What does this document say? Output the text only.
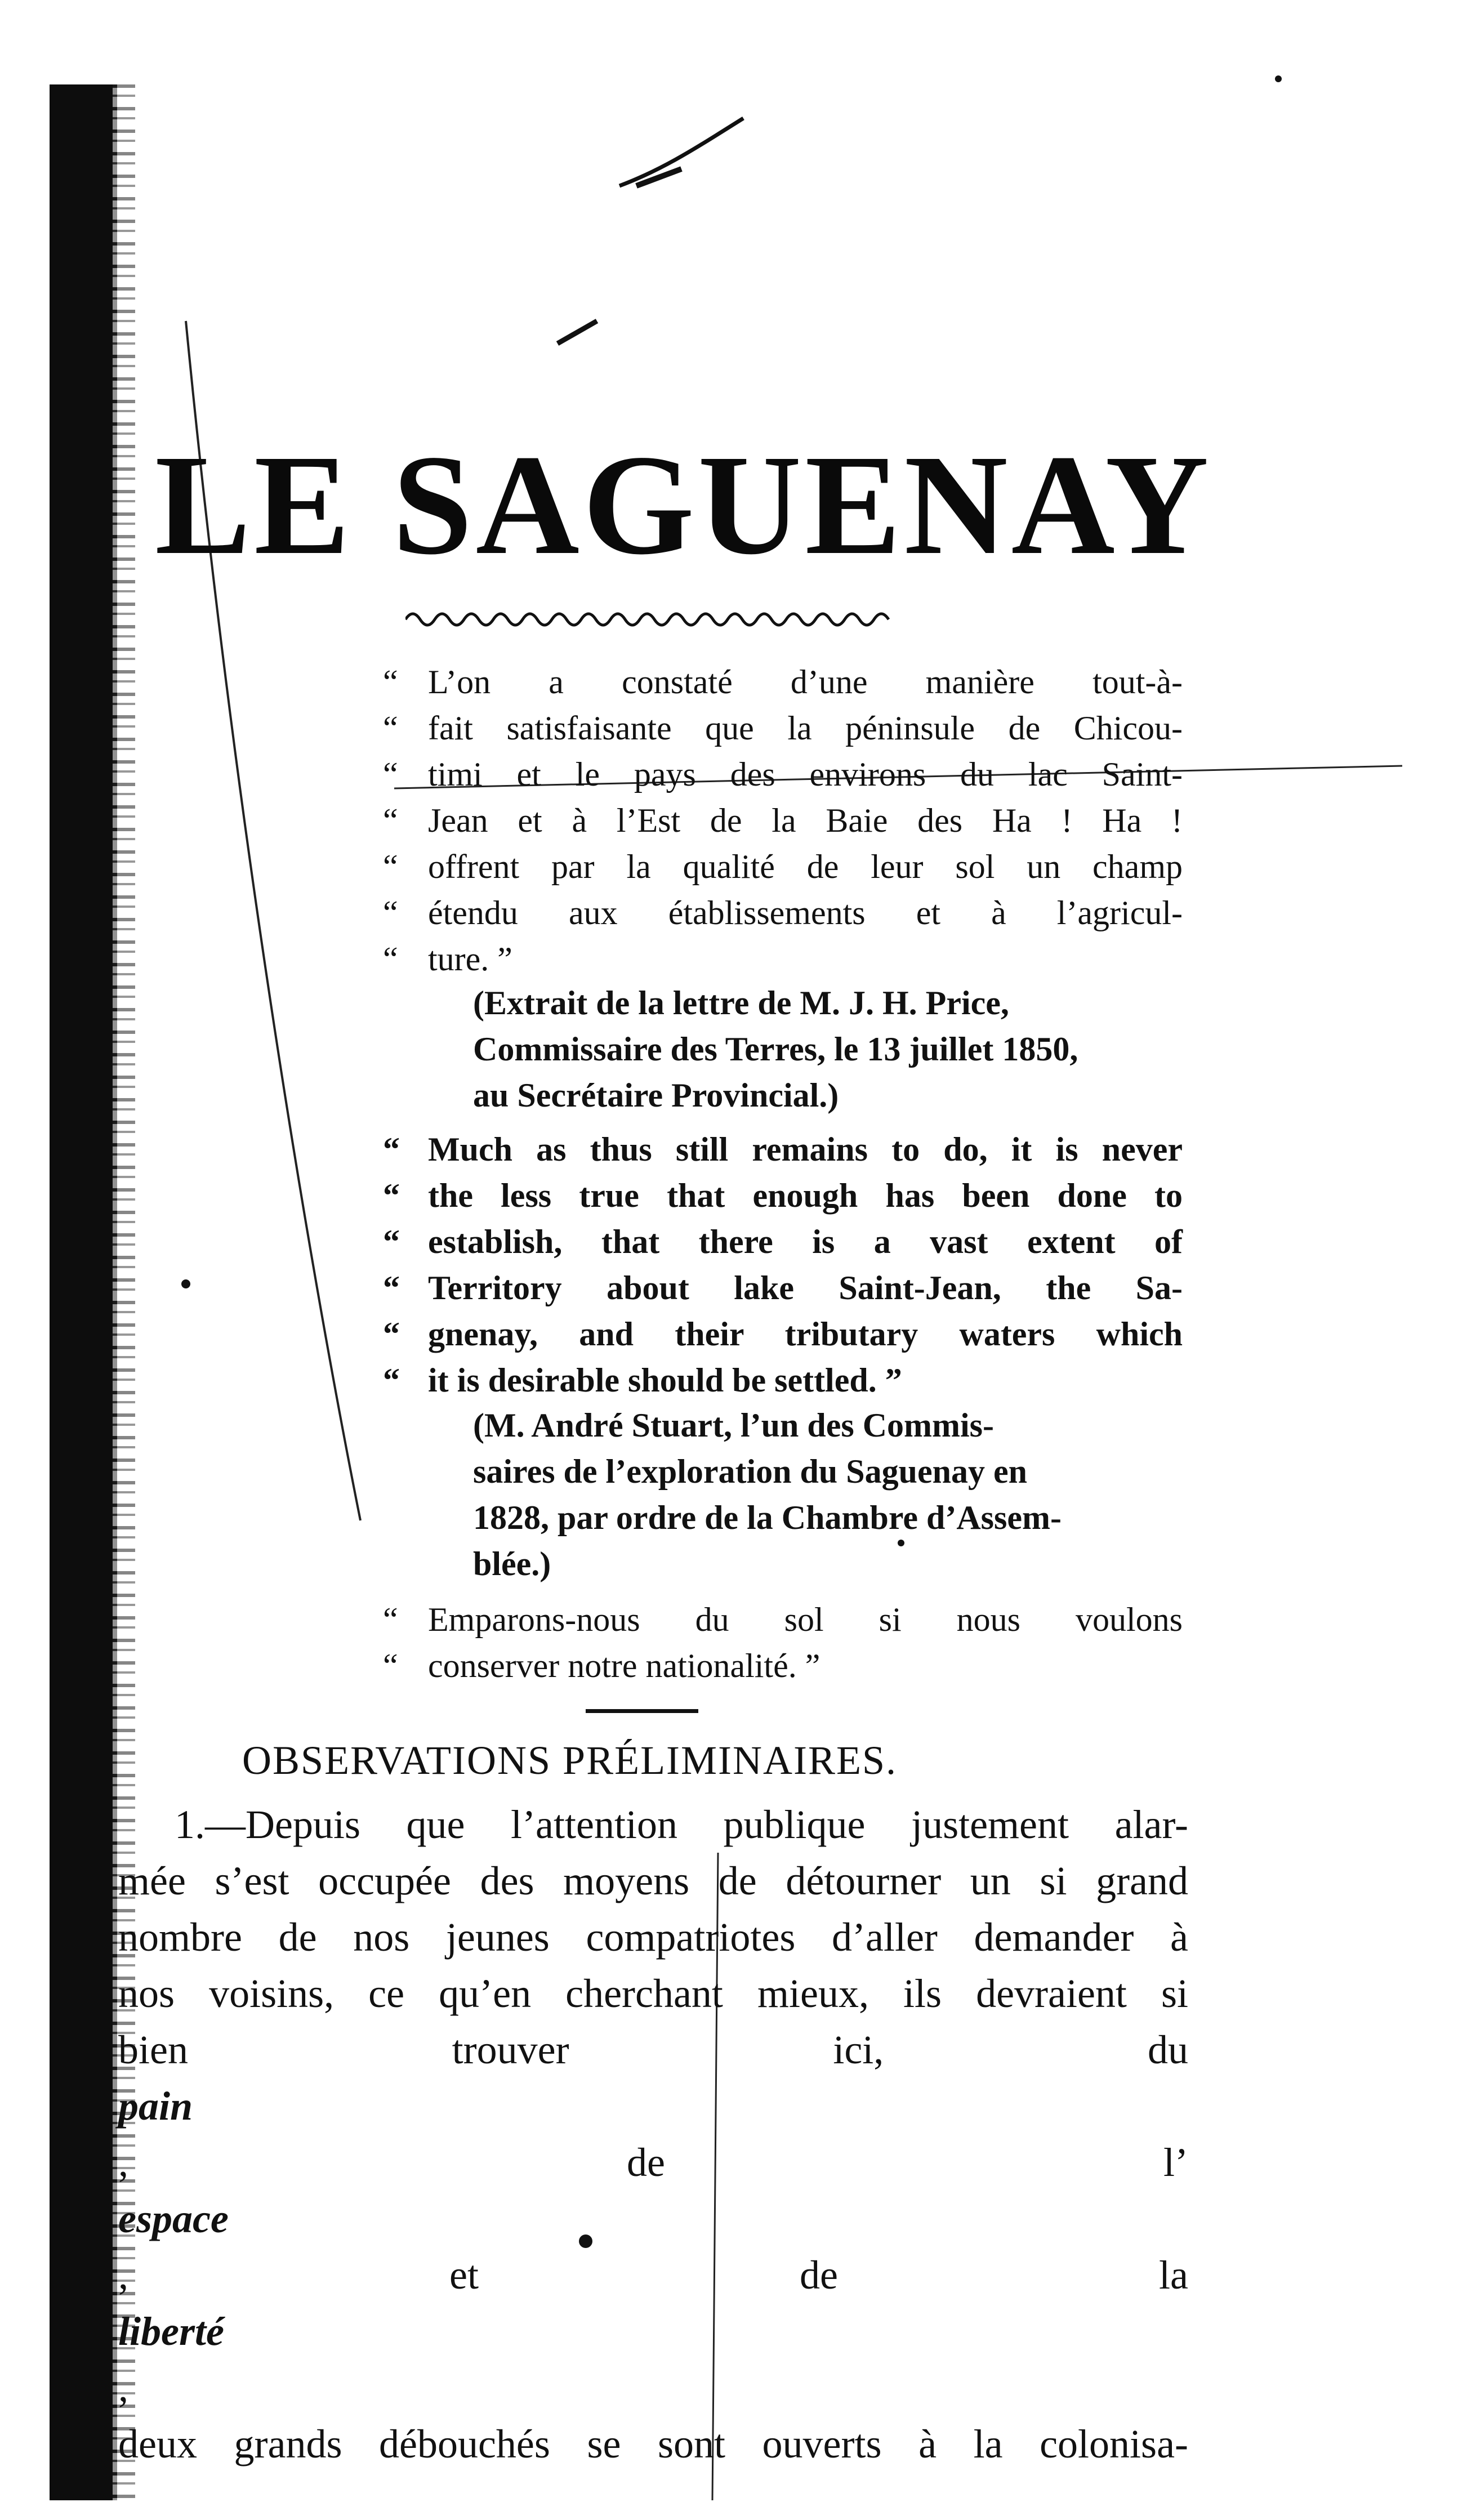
LE SAGUENAY
“ L’on a constaté d’une manière tout-à-
“ fait satisfaisante que la péninsule de Chicou-
“ timi et le pays des environs du lac Saint-
“ Jean et à l’Est de la Baie des Ha ! Ha !
“ offrent par la qualité de leur sol un champ
“ étendu aux établissements et à l’agricul-
“ ture. ”
(Extrait de la lettre de M. J. H. Price,
Commissaire des Terres, le 13 juillet 1850,
au Secrétaire Provincial.)
“ Much as thus still remains to do, it is never
“ the less true that enough has been done to
“ establish, that there is a vast extent of
“ Territory about lake Saint-Jean, the Sa-
“ gnenay, and their tributary waters which
“ it is desirable should be settled. ”
(M. André Stuart, l’un des Commis-
saires de l’exploration du Saguenay en
1828, par ordre de la Chambre d’Assem-
blée.)
“ Emparons-nous du sol si nous voulons
“ conserver notre nationalité. ”
OBSERVATIONS PRÉLIMINAIRES.
1.—Depuis que l’attention publique justement alar-
mée s’est occupée des moyens de détourner un si grand
nombre de nos jeunes compatriotes d’aller demander à
nos voisins, ce qu’en cherchant mieux, ils devraient si
bien trouver ici, du
pain
, de l’
espace
, et de la
liberté
,
deux grands débouchés se sont ouverts à la colonisa-
